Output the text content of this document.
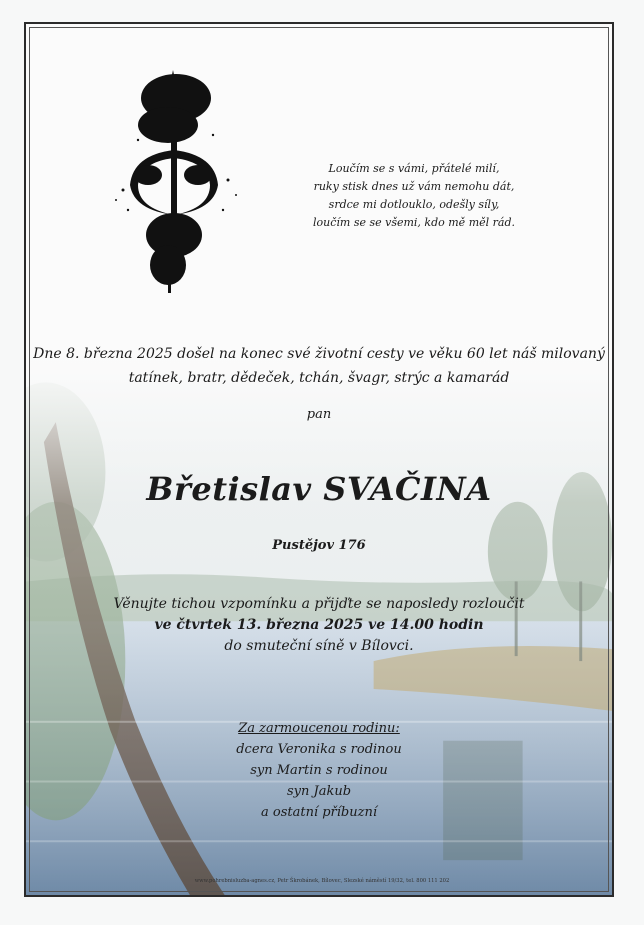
Loučím se s vámi, přátelé milí,
ruky stisk dnes už vám nemohu dát,
srdce mi dotlouklo, odešly síly,
loučím se se všemi, kdo mě měl rád.
Dne 8. března 2025 došel na konec své životní cesty ve věku 60 let náš milovaný
tatínek, bratr, dědeček, tchán, švagr, strýc a kamarád
pan
Břetislav SVAČINA
Pustějov 176
Věnujte tichou vzpomínku a přijďte se naposledy rozloučit
ve čtvrtek 13. března 2025 ve 14.00 hodin
do smuteční síně v Bílovci.
Za zarmoucenou rodinu:
dcera Veronika s rodinou
syn Martin s rodinou
syn Jakub
a ostatní příbuzní
www.pohrebnisluzba-agnes.cz, Petr Škrobánek, Bílovec, Slezské náměstí 19/32, tel. 800 111 202
